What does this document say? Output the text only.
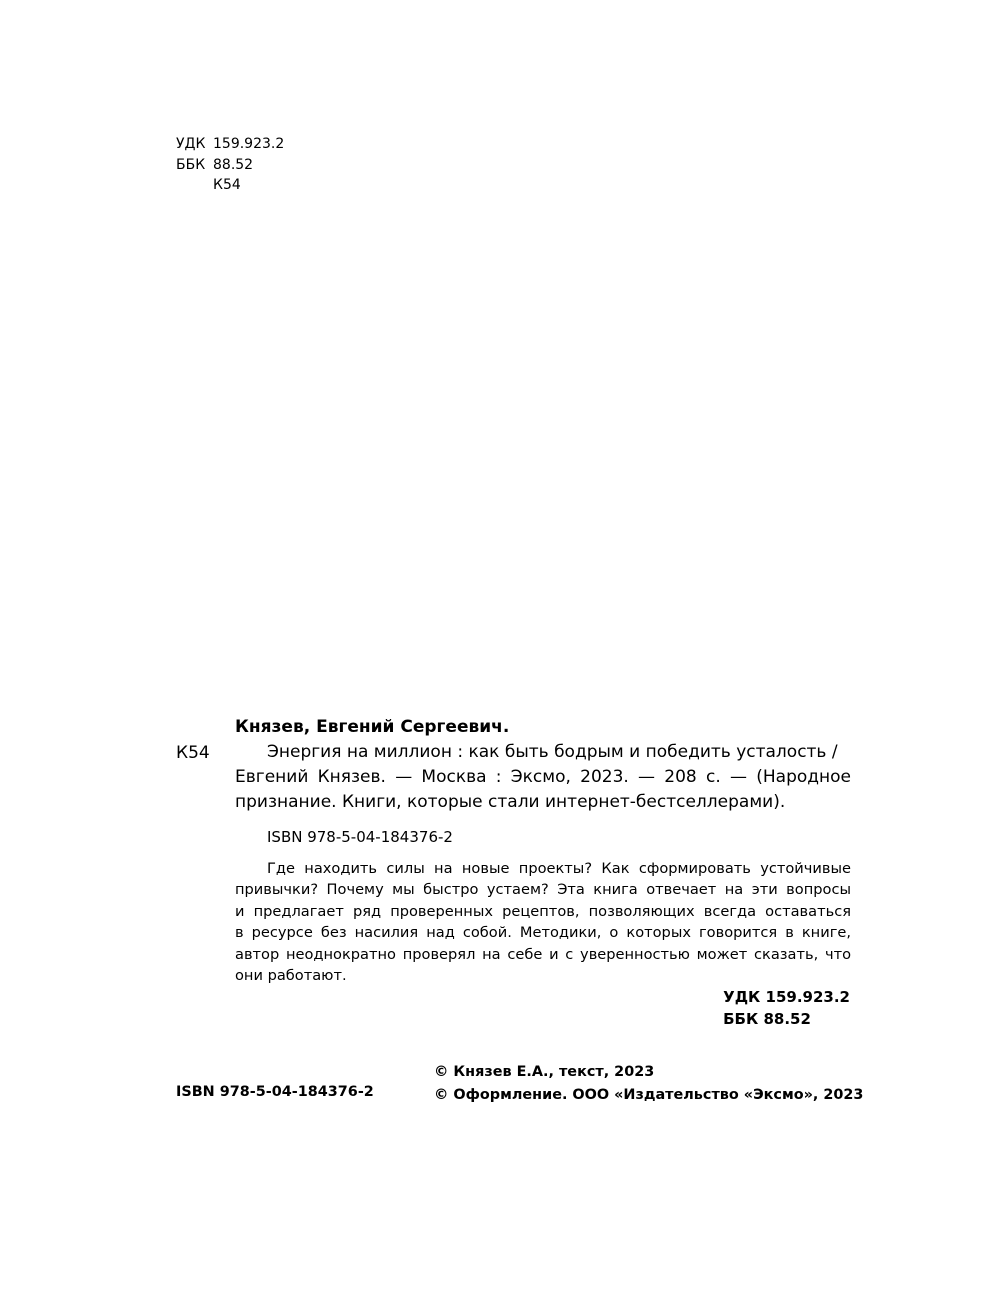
УДК 159.923.2
ББК 88.52
К54
Князев, Евгений Сергеевич.
К54	Энергия на миллион : как быть бодрым и победить усталость /
Евгений Князев. — Москва : Эксмо, 2023. — 208 с. — (Народное
признание. Книги, которые стали интернет-бестселлерами).
ISBN 978-5-04-184376-2
Где находить силы на новые проекты? Как сформировать устойчивые
привычки? Почему мы быстро устаем? Эта книга отвечает на эти вопросы
и предлагает ряд проверенных рецептов, позволяющих всегда оставаться
в ресурсе без насилия над собой. Методики, о которых говорится в книге,
автор неоднократно проверял на себе и с уверенностью может сказать, что
они работают.
УДК 159.923.2
ББК 88.52
© Князев Е.А., текст, 2023
© Оформление. ООО «Издательство «Эксмо», 2023
ISBN 978-5-04-184376-2
